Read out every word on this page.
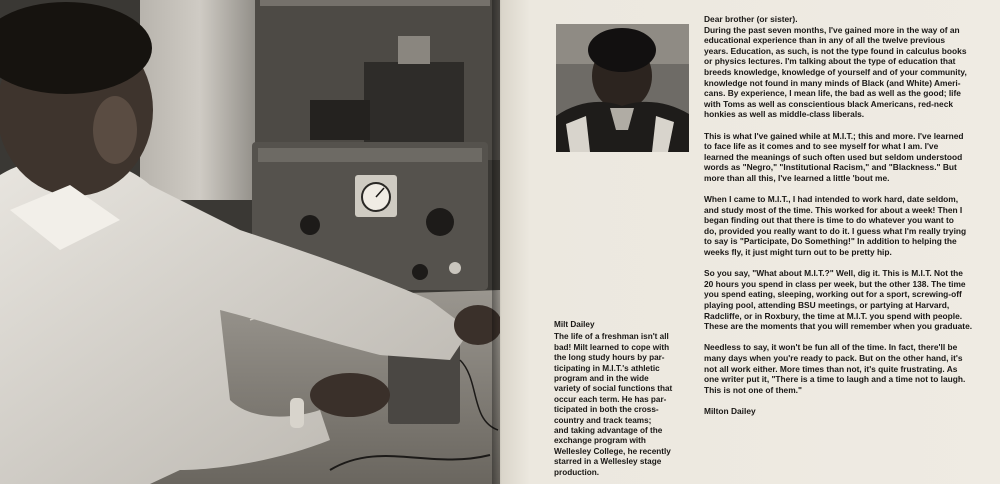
Dear brother (or sister).

During the past seven months, I've gained more in the way of an
educational experience than in any of all the twelve previous
years. Education, as such, is not the type found in calculus books
or physics lectures. I'm talking about the type of education that
breeds knowledge, knowledge of yourself and of your community,
knowledge not found in many minds of Black (and White) Ameri-
cans. By experience, I mean life, the bad as well as the good; life
with Toms as well as conscientious black Americans, red-neck
honkies as well as middle-class liberals.

This is what I've gained while at M.I.T.; this and more. I've learned
to face life as it comes and to see myself for what I am. I've
learned the meanings of such often used but seldom understood
words as "Negro," "Institutional Racism," and "Blackness." But
more than all this, I've learned a little 'bout me.

When I came to M.I.T., I had intended to work hard, date seldom,
and study most of the time. This worked for about a week! Then I
began finding out that there is time to do whatever you want to
do, provided you really want to do it. I guess what I'm really trying
to say is "Participate, Do Something!" In addition to helping the
weeks fly, it just might turn out to be pretty hip.

So you say, "What about M.I.T.?" Well, dig it. This is M.I.T. Not the
20 hours you spend in class per week, but the other 138. The time
you spend eating, sleeping, working out for a sport, screwing-off
playing pool, attending BSU meetings, or partying at Harvard,
Radcliffe, or in Roxbury, the time at M.I.T. you spend with people.
These are the moments that you will remember when you graduate.

Needless to say, it won't be fun all of the time. In fact, there'll be
many days when you're ready to pack. But on the other hand, it's
not all work either. More times than not, it's quite frustrating. As
one writer put it, "There is a time to laugh and a time not to laugh.
This is not one of them."

Milton Dailey

Milt Dailey
The life of a freshman isn't all
bad! Milt learned to cope with
the long study hours by par-
ticipating in M.I.T.'s athletic
program and in the wide
variety of social functions that
occur each term. He has par-
ticipated in both the cross-
country and track teams;
and taking advantage of the
exchange program with
Wellesley College, he recently
starred in a Wellesley stage
production.
